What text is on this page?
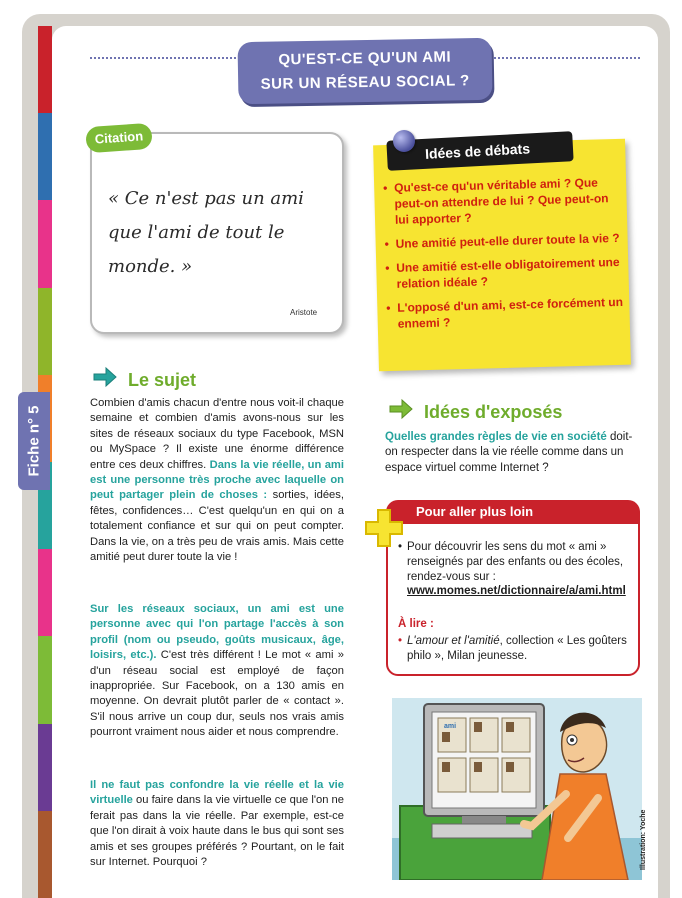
Fiche n° 5
QU'EST-CE QU'UN AMI
SUR UN RÉSEAU SOCIAL ?
Citation
« Ce n'est pas un ami que l'ami de tout le monde. »
Aristote
Idées de débats
• Qu'est-ce qu'un véritable ami ? Que peut-on attendre de lui ? Que peut-on lui apporter ?
• Une amitié peut-elle durer toute la vie ?
• Une amitié est-elle obligatoirement une relation idéale ?
• L'opposé d'un ami, est-ce forcément un ennemi ?
Le sujet
Combien d'amis chacun d'entre nous voit-il chaque semaine et combien d'amis avons-nous sur les sites de réseaux sociaux du type Facebook, MSN ou MySpace ? Il existe une énorme différence entre ces deux chiffres. Dans la vie réelle, un ami est une personne très proche avec laquelle on peut partager plein de choses : sorties, idées, fêtes, confidences… C'est quelqu'un en qui on a totalement confiance et sur qui on peut compter. Dans la vie, on a très peu de vrais amis. Mais cette amitié peut durer toute la vie !
Sur les réseaux sociaux, un ami est une personne avec qui l'on partage l'accès à son profil (nom ou pseudo, goûts musicaux, âge, loisirs, etc.). C'est très différent ! Le mot « ami » d'un réseau social est employé de façon inappropriée. Sur Facebook, on a 130 amis en moyenne. On devrait plutôt parler de « contact ». S'il nous arrive un coup dur, seuls nos vrais amis pourront vraiment nous aider et nous comprendre.
Il ne faut pas confondre la vie réelle et la vie virtuelle ou faire dans la vie virtuelle ce que l'on ne ferait pas dans la vie réelle. Par exemple, est-ce que l'on dirait à voix haute dans le bus qui sont ses amis et ses groupes préférés ? Pourtant, on le fait sur Internet. Pourquoi ?
Idées d'exposés
Quelles grandes règles de vie en société doit-on respecter dans la vie réelle comme dans un espace virtuel comme Internet ?
Pour aller plus loin
• Pour découvrir les sens du mot « ami » renseignés par des enfants ou des écoles, rendez-vous sur : www.momes.net/dictionnaire/a/ami.html
À lire :
• L'amour et l'amitié, collection « Les goûters philo », Milan jeunesse.
ami
Illustration: Yoche
